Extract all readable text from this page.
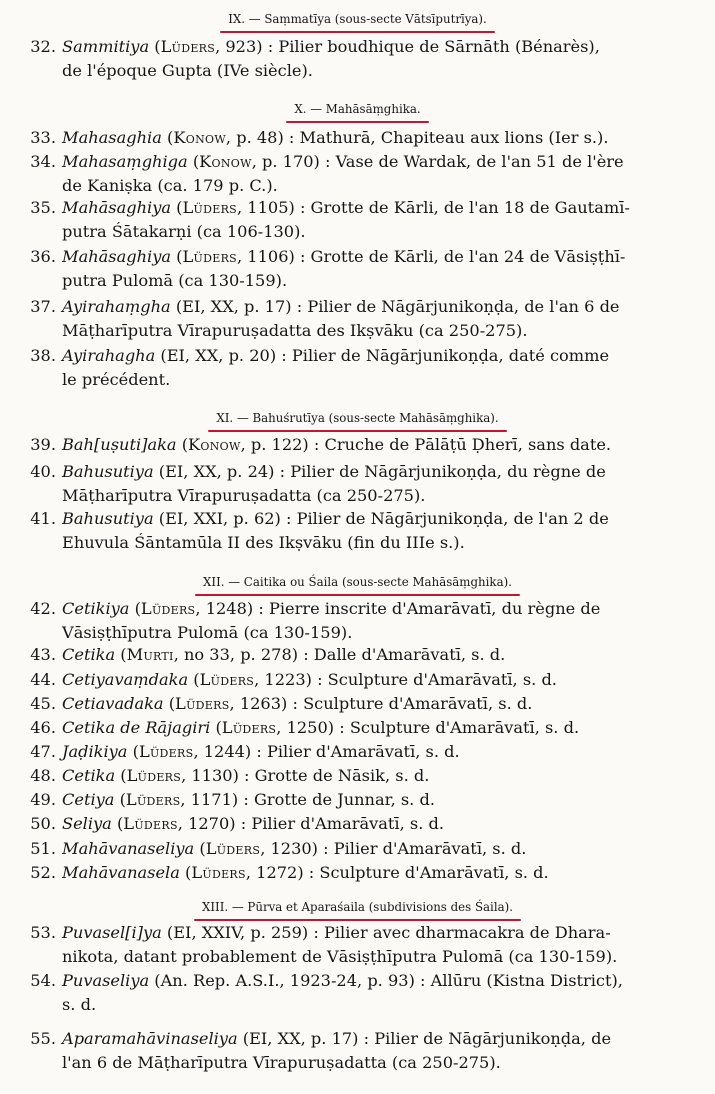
IX. — Saṃmatīya (sous-secte Vātsīputrīya).
X. — Mahāsāṃghika.
XI. — Bahuśrutīya (sous-secte Mahāsāṃghika).
XII. — Caitika ou Śaila (sous-secte Mahāsāṃghika).
XIII. — Pūrva et Aparaśaila (subdivisions des Śaila).
32. Sammitiya (Lüders, 923) : Pilier boudhique de Sārnāth (Bénarès),
de l'époque Gupta (IVe siècle).
33. Mahasaghia (Konow, p. 48) : Mathurā, Chapiteau aux lions (Ier s.).
34. Mahasaṃghiga (Konow, p. 170) : Vase de Wardak, de l'an 51 de l'ère
de Kaniṣka (ca. 179 p. C.).
35. Mahāsaghiya (Lüders, 1105) : Grotte de Kārli, de l'an 18 de Gautamī-
putra Śātakarṇi (ca 106-130).
36. Mahāsaghiya (Lüders, 1106) : Grotte de Kārli, de l'an 24 de Vāsiṣṭhī-
putra Pulomā (ca 130-159).
37. Ayirahaṃgha (EI, XX, p. 17) : Pilier de Nāgārjunikoṇḍa, de l'an 6 de
Māṭharīputra Vīrapuruṣadatta des Ikṣvāku (ca 250-275).
38. Ayirahagha (EI, XX, p. 20) : Pilier de Nāgārjunikoṇḍa, daté comme
le précédent.
39. Bah[uṣuti]aka (Konow, p. 122) : Cruche de Pālāṭū Ḍherī, sans date.
40. Bahusutiya (EI, XX, p. 24) : Pilier de Nāgārjunikoṇḍa, du règne de
Māṭharīputra Vīrapuruṣadatta (ca 250-275).
41. Bahusutiya (EI, XXI, p. 62) : Pilier de Nāgārjunikoṇḍa, de l'an 2 de
Ehuvula Śāntamūla II des Ikṣvāku (fin du IIIe s.).
42. Cetikiya (Lüders, 1248) : Pierre inscrite d'Amarāvatī, du règne de
Vāsiṣṭhīputra Pulomā (ca 130-159).
43. Cetika (Murti, no 33, p. 278) : Dalle d'Amarāvatī, s. d.
44. Cetiyavaṃdaka (Lüders, 1223) : Sculpture d'Amarāvatī, s. d.
45. Cetiavadaka (Lüders, 1263) : Sculpture d'Amarāvatī, s. d.
46. Cetika de Rājagiri (Lüders, 1250) : Sculpture d'Amarāvatī, s. d.
47. Jaḍikiya (Lüders, 1244) : Pilier d'Amarāvatī, s. d.
48. Cetika (Lüders, 1130) : Grotte de Nāsik, s. d.
49. Cetiya (Lüders, 1171) : Grotte de Junnar, s. d.
50. Seliya (Lüders, 1270) : Pilier d'Amarāvatī, s. d.
51. Mahāvanaseliya (Lüders, 1230) : Pilier d'Amarāvatī, s. d.
52. Mahāvanasela (Lüders, 1272) : Sculpture d'Amarāvatī, s. d.
53. Puvasel[i]ya (EI, XXIV, p. 259) : Pilier avec dharmacakra de Dhara-
nikota, datant probablement de Vāsiṣṭhīputra Pulomā (ca 130-159).
54. Puvaseliya (An. Rep. A.S.I., 1923-24, p. 93) : Allūru (Kistna District),
s. d.
55. Aparamahāvinaseliya (EI, XX, p. 17) : Pilier de Nāgārjunikoṇḍa, de
l'an 6 de Māṭharīputra Vīrapuruṣadatta (ca 250-275).
